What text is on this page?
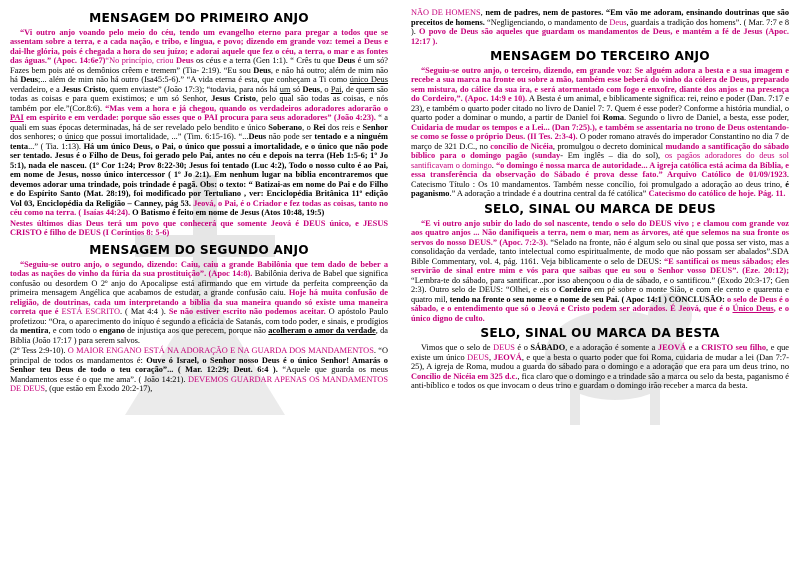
MENSAGEM DO PRIMEIRO ANJO
“Vi outro anjo voando pelo meio do céu, tendo um evangelho eterno para pregar a todos que se assentam sobre a terra, e a cada nação, e tribo, e língua, e povo; dizendo em grande voz: temei a Deus e dai-lhe glória, pois é chegada a hora do seu juízo; e adorai aquele que fez o céu, a terra, o mar e as fontes das águas.” (Apoc. 14:6e7)“No princípio, criou Deus os céus e a terra (Gen 1:1). “ Crês tu que Deus é um só? Fazes bem pois até os demônios crêem e tremem” (Tia- 2:19). “Eu sou Deus, e não há outro; além de mim não há Deus;... além de mim não há outro (Isa45:5-6).” “A vida eterna é esta, que conheçam a Ti como único Deus verdadeiro, e a Jesus Cristo, quem enviaste” (João 17:3); “todavia, para nós há um só Deus, o Pai, de quem são todas as coisas e para quem existimos; e um só Senhor, Jesus Cristo, pelo qual são todas as coisas, e nós também por ele.”(Cor.8:6). “Mas vem a hora e já chegou, quando os verdadeiros adoradores adorarão o PAI em espírito e em verdade: porque são esses que o PAI procura para seus adoradores” (João 4:23). “ a quali em suas épocas determinadas, há de ser revelado pelo bendito e único Soberano, o Rei dos reis e Senhor dos senhores; o único que possui imortalidade, ...” (Tim. 6:15-16). “...Deus não pode ser tentado e a ninguém tenta...” ( Tia. 1:13). Há um único Deus, o Pai, o único que possui a imortalidade, e o único que não pode ser tentado. Jesus é o Filho de Deus, foi gerado pelo Pai, antes no céu e depois na terra (Heb 1:5-6; 1º Jo 5:1), nada ele nasceu. (1º Cor 1:24; Prov 8:22-30; Jesus foi tentado (Luc 4:2), Todo o nosso culto é ao Pai, em nome de Jesus, nosso único intercessor ( 1º Jo 2:1). Em nenhum lugar na bíblia encontraremos que devemos adorar uma trindade, pois trindade é pagã. Obs: o texto: “ Batizai-as em nome do Pai e do Filho e do Espírito Santo (Mat. 28:19), foi modificado por Tertuliano , ver: Enciclopédia Britânica 11º edição Vol 03, Enciclopédia da Religião – Canney, pág 53. Jeová, o Pai, é o Criador e fez todas as coisas, tanto no céu como na terra. ( Isaías 44:24). O Batismo é feito em nome de Jesus (Atos 10:48, 19:5)
Nestes últimos dias Deus terá um povo que conhecerá que somente Jeová é DEUS único, e JESUS CRISTO é filho de DEUS (I Coríntios 8: 5-6)
MENSAGEM DO SEGUNDO ANJO
“Seguiu-se outro anjo, o segundo, dizendo: Caiu, caiu a grande Babilônia que tem dado de beber a todas as nações do vinho da fúria da sua prostituição”. (Apoc 14:8). Babilônia deriva de Babel que significa confusão ou desordem O 2º anjo do Apocalipse está afirmando que em virtude da perfeita compreenção da primeira mensagem Angélica que acabamos de estudar, a grande confusão caiu. Hoje há muita confusão de religião, de doutrinas, cada um interpretando a bíblia da sua maneira quando só existe uma maneira correta que é ESTÁ ESCRITO. ( Mat 4:4 ). Se não estiver escrito não podemos aceitar. O apóstolo Paulo profetizou: “Ora, o aparecimento do iníquo é segundo a eficácia de Satanás, com todo poder, e sinais, e prodígios da mentira, e com todo o engano de injustiça aos que perecem, porque não acolheram o amor da verdade, da Bíblia (João 17:17 ) para serem salvos.
(2º Tess 2:9-10). O MAIOR ENGANO ESTÁ NA ADORAÇÃO E NA GUARDA DOS MANDAMENTOS. “O principal de todos os mandamentos é: Ouve ó Israel, o Senhor nosso Deus é o único Senhor! Amarás o Senhor teu Deus de todo o teu coração”... ( Mar. 12:29; Deut. 6:4 ). “Aquele que guarda os meus Mandamentos esse é o que me ama”. ( João 14:21). DEVEMOS GUARDAR APENAS OS MANDAMENTOS DE DEUS, (que estão em Êxodo 20:2-17),
NÃO DE HOMENS, nem de padres, nem de pastores. “Em vão me adoram, ensinando doutrinas que são preceitos de homens. “Negligenciando, o mandamento de Deus, guardais a tradição dos homens”. ( Mar. 7:7 e 8 ). O povo de Deus são aqueles que guardam os mandamentos de Deus, e mantém a fé de Jesus (Apoc. 12:17 ).
MENSAGEM DO TERCEIRO ANJO
“Seguiu-se outro anjo, o terceiro, dizendo, em grande voz: Se alguém adora a besta e a sua imagem e recebe a sua marca na fronte ou sobre a mão, também esse beberá do vinho da cólera de Deus, preparado sem mistura, do cálice da sua ira, e será atormentado com fogo e enxofre, diante dos anjos e na presença do Cordeiro,”. (Apoc. 14:9 e 10). A Besta é um animal, e biblicamente significa: rei, reino e poder (Dan. 7:17 e 23), e também o quarto poder citado no livro de Daniel 7: 7. Quem é esse poder? Conforme a história mundial, o quarto poder a dominar o mundo, a partir de Daniel foi Roma. Segundo o livro de Daniel, a besta, esse poder, Cuidaria de mudar os tempos e a Lei... (Dan 7:25).), e também se assentaria no trono de Deus ostentando-se como se fosse o próprio Deus. (II Tes. 2:3-4). O poder romano através do imperador Constantino no dia 7 de março de 321 D.C., no concílio de Nicéia, promulgou o decreto dominical mudando a santificação do sábado bíblico para o domingo pagão (sunday- Em inglês – dia do sol), os pagãos adoradores do deus sol santificavam o domingo. “o domingo é nossa marca de autoridade... A igreja católica está acima da Bíblia, e essa transferência da observação do Sábado é prova desse fato.” Arquivo Católico de 01/09/1923. Catecismo Título : Os 10 mandamentos. Também nesse concílio, foi promulgado a adoração ao deus trino, é paganismo.” A adoração a trindade é a doutrina central da fé católica” Catecismo do católico de hoje. Pág. 11.
SELO, SINAL OU MARCA DE DEUS
“E vi outro anjo subir do lado do sol nascente, tendo o selo do DEUS vivo ; e clamou com grande voz aos quatro anjos ... Não danifiqueis a terra, nem o mar, nem as árvores, até que selemos na sua fronte os servos do nosso DEUS.” (Apoc. 7:2-3). “Selado na fronte, não é algum selo ou sinal que possa ser visto, mas a consolidação da verdade, tanto intelectual como espiritualmente, de modo que não possam ser abalados”.SDA Bible Commentary, vol. 4, pág. 1161. Veja biblicamente o selo de DEUS: “E santificai os meus sábados; eles servirão de sinal entre mim e vós para que saibas que eu sou o Senhor vosso DEUS”. (Eze. 20:12); “Lembra-te do sábado, para santificar...por isso abençoou o dia de sábado, e o santificou.” (Exodo 20:3-17; Gen 2:3). Outro selo de DEUS: “Olhei, e eis o Cordeiro em pé sobre o monte Sião, e com ele cento e quarenta e quatro mil, tendo na fronte o seu nome e o nome de seu Pai. ( Apoc 14:1 ) CONCLUSÃO: o selo de Deus é o sábado, e o entendimento que só o Jeová e Cristo podem ser adorados. É Jeová, que é o Único Deus, e o único digno de culto.
SELO, SINAL OU MARCA DA BESTA
Vimos que o selo de DEUS é o SÁBADO, e a adoração é somente a JEOVÁ e a CRISTO seu filho, e que existe um único DEUS, JEOVÁ, e que a besta o quarto poder que foi Roma, cuidaria de mudar a lei (Dan 7:7-25), A igreja de Roma, mudou a guarda do sábado para o domingo e a adoração que era para um deus trino, no Concílio de Nicéia em 325 d.c., fica claro que o domingo e a trindade são a marca ou selo da besta, paganismo é anti-bíblico e todos os que invocam o deus trino e guardam o domingo irão receber a marca da besta.
